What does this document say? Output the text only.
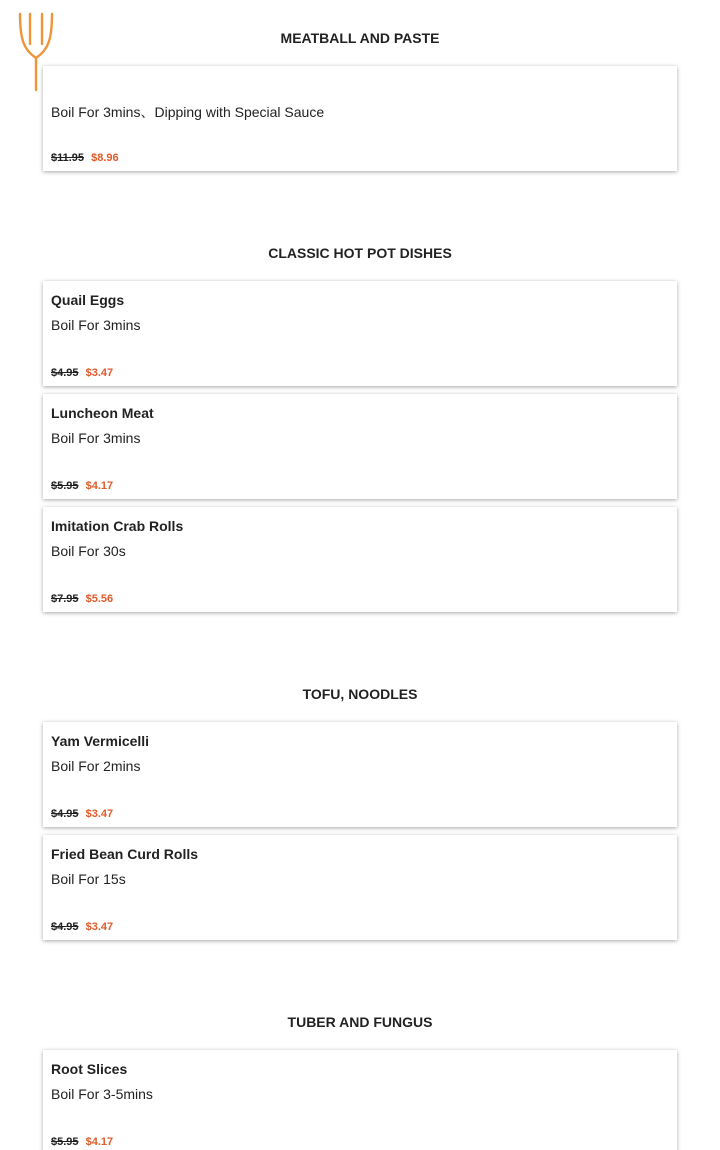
MEATBALL AND PASTE
Boil For 3mins、Dipping with Special Sauce
$11.95 $8.96
CLASSIC HOT POT DISHES
Quail Eggs
Boil For 3mins
$4.95 $3.47
Luncheon Meat
Boil For 3mins
$5.95 $4.17
Imitation Crab Rolls
Boil For 30s
$7.95 $5.56
TOFU, NOODLES
Yam Vermicelli
Boil For 2mins
$4.95 $3.47
Fried Bean Curd Rolls
Boil For 15s
$4.95 $3.47
TUBER AND FUNGUS
Root Slices
Boil For 3-5mins
$5.95 $4.17
